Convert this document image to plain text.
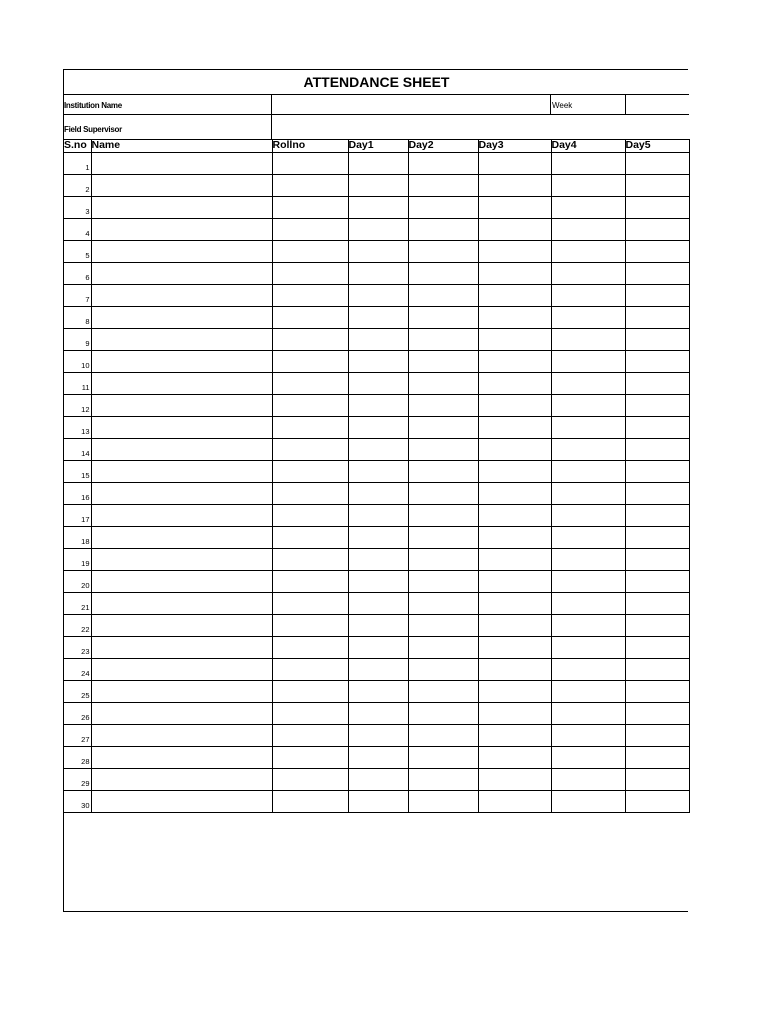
ATTENDANCE SHEET
Institution Name	Week
Field Supervisor
S.no	Name	Rollno	Day1	Day2	Day3	Day4	Day5
1							
2							
3							
4							
5							
6							
7							
8							
9							
10							
11							
12							
13							
14							
15							
16							
17							
18							
19							
20							
21							
22							
23							
24							
25							
26							
27							
28							
29							
30							
